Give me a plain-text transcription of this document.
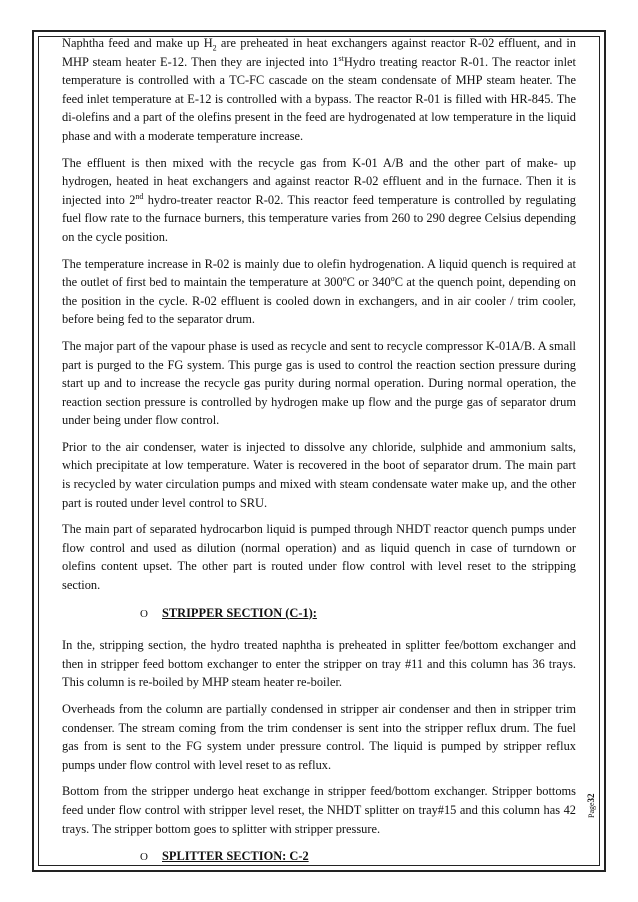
Naphtha feed and make up $H_2$ are preheated in heat exchangers against reactor R-02 effluent, and in MHP steam heater E-12. Then they are injected into 1stHydro treating reactor R-01. The reactor inlet temperature is controlled with a TC-FC cascade on the steam condensate of MHP steam heater. The feed inlet temperature at E-12 is controlled with a bypass. The reactor R-01 is filled with HR-845. The di-olefins and a part of the olefins present in the feed are hydrogenated at low temperature in the liquid phase and with a moderate temperature increase.

The effluent is then mixed with the recycle gas from K-01 A/B and the other part of make- up hydrogen, heated in heat exchangers and against reactor R-02 effluent and in the furnace. Then it is injected into 2nd hydro-treater reactor R-02. This reactor feed temperature is controlled by regulating fuel flow rate to the furnace burners, this temperature varies from 260 to 290 degree Celsius depending on the cycle position.

The temperature increase in R-02 is mainly due to olefin hydrogenation. A liquid quench is required at the outlet of first bed to maintain the temperature at 300$^o$C or 340$^o$C at the quench point, depending on the position in the cycle. R-02 effluent is cooled down in exchangers, and in air cooler / trim cooler, before being fed to the separator drum.

The major part of the vapour phase is used as recycle and sent to recycle compressor K-01A/B. A small part is purged to the FG system. This purge gas is used to control the reaction section pressure during start up and to increase the recycle gas purity during normal operation. During normal operation, the reaction section pressure is controlled by hydrogen make up flow and the purge gas of separator drum under being under flow control.

Prior to the air condenser, water is injected to dissolve any chloride, sulphide and ammonium salts, which precipitate at low temperature. Water is recovered in the boot of separator drum. The main part is recycled by water circulation pumps and mixed with steam condensate water make up, and the other part is routed under level control to SRU.

The main part of separated hydrocarbon liquid is pumped through NHDT reactor quench pumps under flow control and used as dilution (normal operation) and as liquid quench in case of turndown or olefins content upset. The other part is routed under flow control with level reset to the stripping section.

O STRIPPER SECTION (C-1):

In the, stripping section, the hydro treated naphtha is preheated in splitter fee/bottom exchanger and then in stripper feed bottom exchanger to enter the stripper on tray #11 and this column has 36 trays. This column is re-boiled by MHP steam heater re-boiler.

Overheads from the column are partially condensed in stripper air condenser and then in stripper trim condenser. The stream coming from the trim condenser is sent into the stripper reflux drum. The fuel gas from is sent to the FG system under pressure control. The liquid is pumped by stripper reflux pumps under flow control with level reset to as reflux.

Bottom from the stripper undergo heat exchange in stripper feed/bottom exchanger. Stripper bottoms feed under flow control with stripper level reset, the NHDT splitter on tray#15 and this column has 42 trays. The stripper bottom goes to splitter with stripper pressure.

O SPLITTER SECTION: C-2
Page32
